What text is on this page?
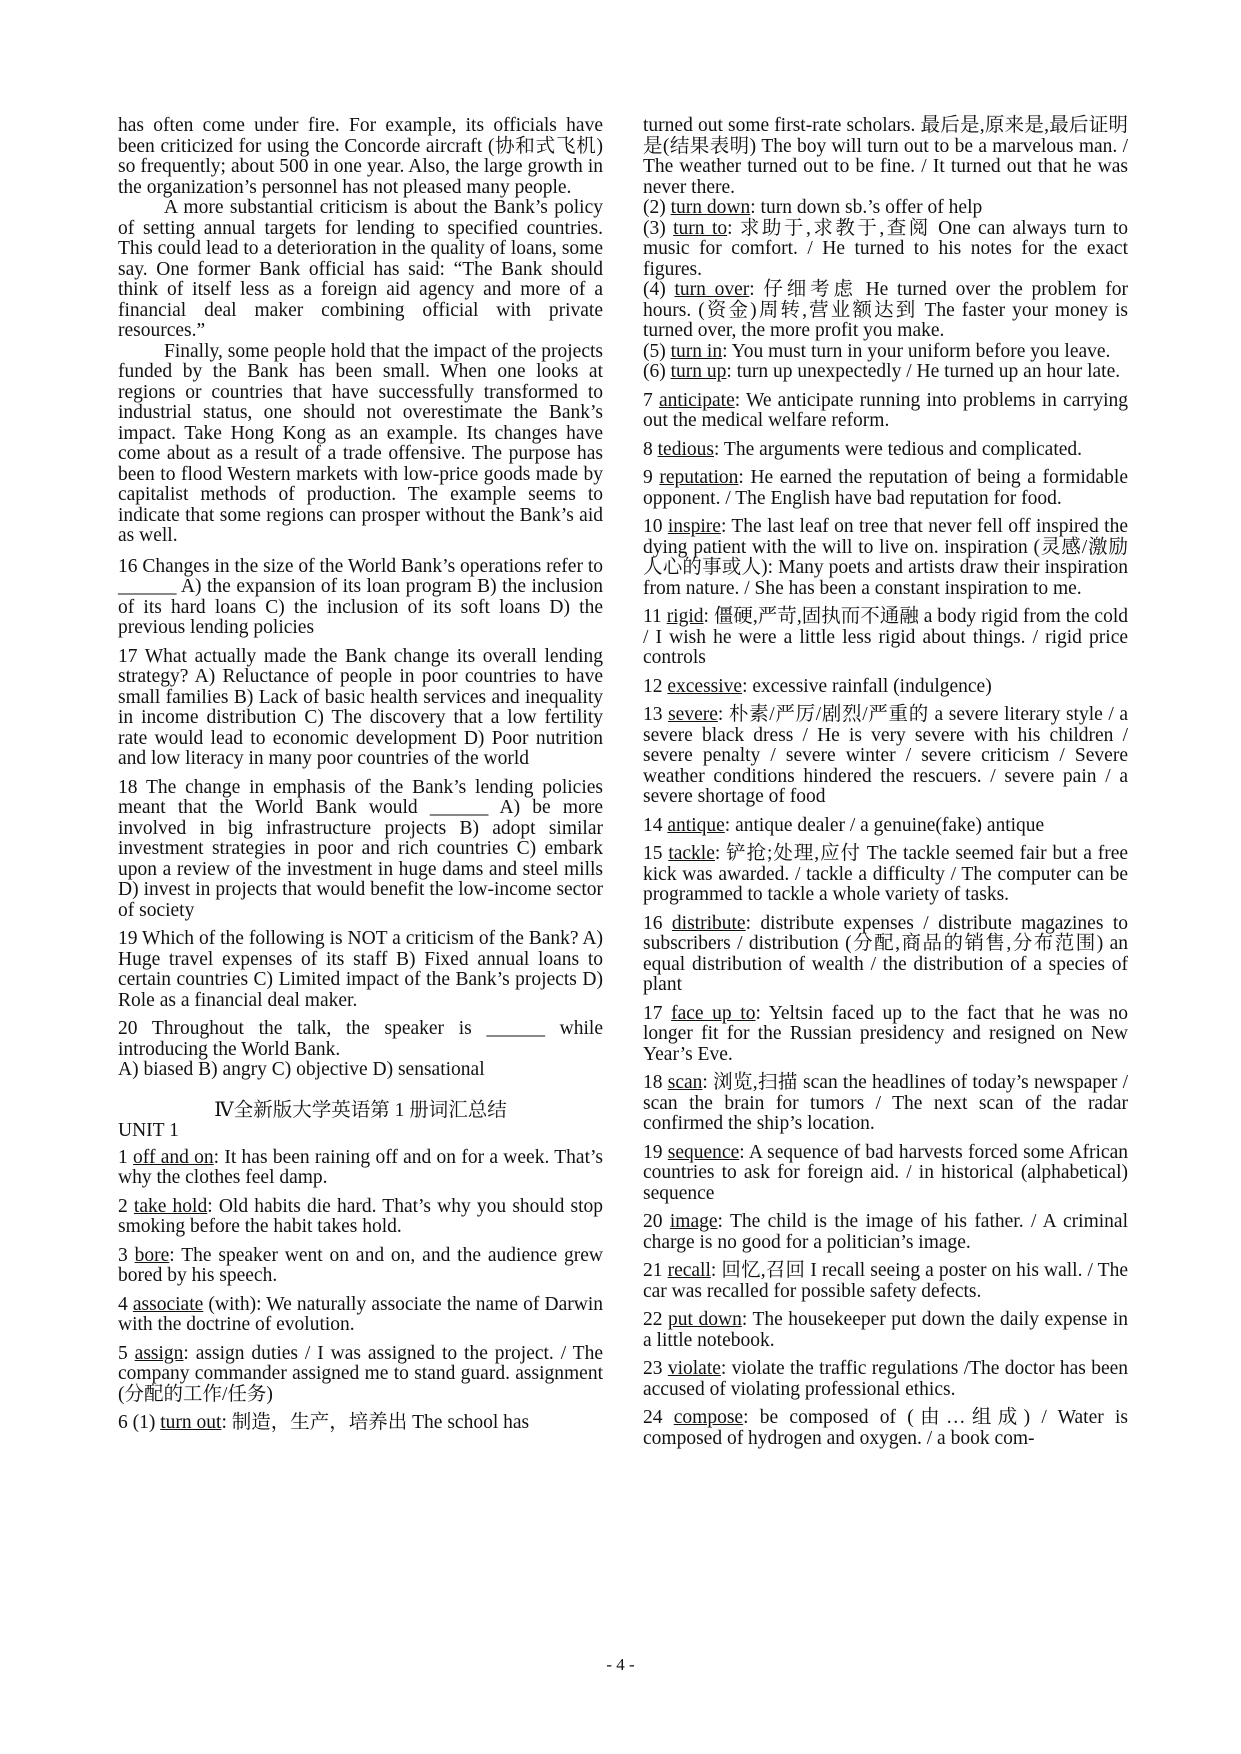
has often come under fire. For example, its officials have been criticized for using the Concorde aircraft (协和式飞机) so frequently; about 500 in one year. Also, the large growth in the organization’s personnel has not pleased many people.

A more substantial criticism is about the Bank’s policy of setting annual targets for lending to specified countries. This could lead to a deterioration in the quality of loans, some say. One former Bank official has said: “The Bank should think of itself less as a foreign aid agency and more of a financial deal maker combining official with private resources.”

Finally, some people hold that the impact of the projects funded by the Bank has been small. When one looks at regions or countries that have successfully transformed to industrial status, one should not overestimate the Bank’s impact. Take Hong Kong as an example. Its changes have come about as a result of a trade offensive. The purpose has been to flood Western markets with low-price goods made by capitalist methods of production. The example seems to indicate that some regions can prosper without the Bank’s aid as well.

16 Changes in the size of the World Bank’s operations refer to ______ A) the expansion of its loan program B) the inclusion of its hard loans C) the inclusion of its soft loans D) the previous lending policies

17 What actually made the Bank change its overall lending strategy? A) Reluctance of people in poor countries to have small families B) Lack of basic health services and inequality in income distribution C) The discovery that a low fertility rate would lead to economic development D) Poor nutrition and low literacy in many poor countries of the world

18 The change in emphasis of the Bank’s lending policies meant that the World Bank would ______ A) be more involved in big infrastructure projects B) adopt similar investment strategies in poor and rich countries C) embark upon a review of the investment in huge dams and steel mills D) invest in projects that would benefit the low-income sector of society

19 Which of the following is NOT a criticism of the Bank? A) Huge travel expenses of its staff B) Fixed annual loans to certain countries C) Limited impact of the Bank’s projects D) Role as a financial deal maker.

20 Throughout the talk, the speaker is ______ while introducing the World Bank.

A) biased B) angry C) objective D) sensational

Ⅳ全新版大学英语第 1 册词汇总结

UNIT 1

1 off and on: It has been raining off and on for a week. That’s why the clothes feel damp.

2 take hold: Old habits die hard. That’s why you should stop smoking before the habit takes hold.

3 bore: The speaker went on and on, and the audience grew bored by his speech.

4 associate (with): We naturally associate the name of Darwin with the doctrine of evolution.

5 assign: assign duties / I was assigned to the project. / The company commander assigned me to stand guard. assignment (分配的工作/任务)

6 (1) turn out: 制造，生产，培养出 The school has

turned out some first-rate scholars. 最后是,原来是,最后证明是(结果表明) The boy will turn out to be a marvelous man. / The weather turned out to be fine. / It turned out that he was never there.

(2) turn down: turn down sb.’s offer of help

(3) turn to: 求助于,求教于,查阅 One can always turn to music for comfort. / He turned to his notes for the exact figures.

(4) turn over: 仔细考虑 He turned over the problem for hours. (资金)周转,营业额达到 The faster your money is turned over, the more profit you make.

(5) turn in: You must turn in your uniform before you leave.

(6) turn up: turn up unexpectedly / He turned up an hour late.

7 anticipate: We anticipate running into problems in carrying out the medical welfare reform.

8 tedious: The arguments were tedious and complicated.

9 reputation: He earned the reputation of being a formidable opponent. / The English have bad reputation for food.

10 inspire: The last leaf on tree that never fell off inspired the dying patient with the will to live on. inspiration (灵感/激励人心的事或人): Many poets and artists draw their inspiration from nature. / She has been a constant inspiration to me.

11 rigid: 僵硬,严苛,固执而不通融 a body rigid from the cold / I wish he were a little less rigid about things. / rigid price controls

12 excessive: excessive rainfall (indulgence)

13 severe: 朴素/严厉/剧烈/严重的 a severe literary style / a severe black dress / He is very severe with his children / severe penalty / severe winter / severe criticism / Severe weather conditions hindered the rescuers. / severe pain / a severe shortage of food

14 antique: antique dealer / a genuine(fake) antique

15 tackle: 铲抢;处理,应付 The tackle seemed fair but a free kick was awarded. / tackle a difficulty / The computer can be programmed to tackle a whole variety of tasks.

16 distribute: distribute expenses / distribute magazines to subscribers / distribution (分配,商品的销售,分布范围) an equal distribution of wealth / the distribution of a species of plant

17 face up to: Yeltsin faced up to the fact that he was no longer fit for the Russian presidency and resigned on New Year’s Eve.

18 scan: 浏览,扫描 scan the headlines of today’s newspaper / scan the brain for tumors / The next scan of the radar confirmed the ship’s location.

19 sequence: A sequence of bad harvests forced some African countries to ask for foreign aid. / in historical (alphabetical) sequence

20 image: The child is the image of his father. / A criminal charge is no good for a politician’s image.

21 recall: 回忆,召回 I recall seeing a poster on his wall. / The car was recalled for possible safety defects.

22 put down: The housekeeper put down the daily expense in a little notebook.

23 violate: violate the traffic regulations /The doctor has been accused of violating professional ethics.

24 compose: be composed of (由…组成) / Water is composed of hydrogen and oxygen. / a book com-

- 4 -
